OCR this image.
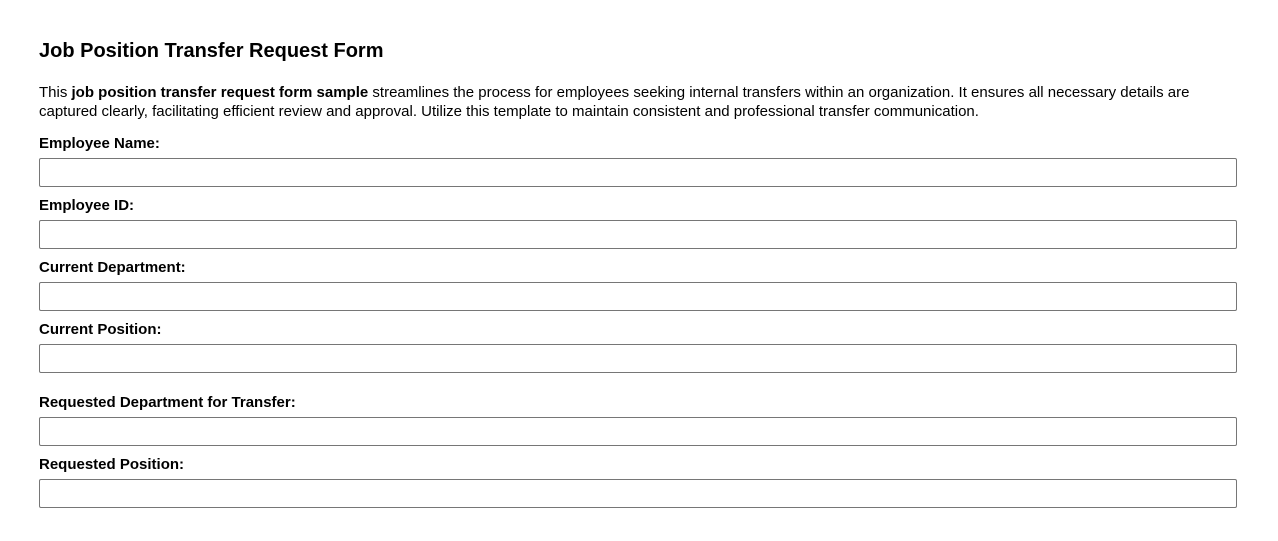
Job Position Transfer Request Form

This job position transfer request form sample streamlines the process for employees seeking internal transfers within an organization. It ensures all necessary details are captured clearly, facilitating efficient review and approval. Utilize this template to maintain consistent and professional transfer communication.

Employee Name:
Employee ID:
Current Department:
Current Position:
Requested Department for Transfer:
Requested Position:
